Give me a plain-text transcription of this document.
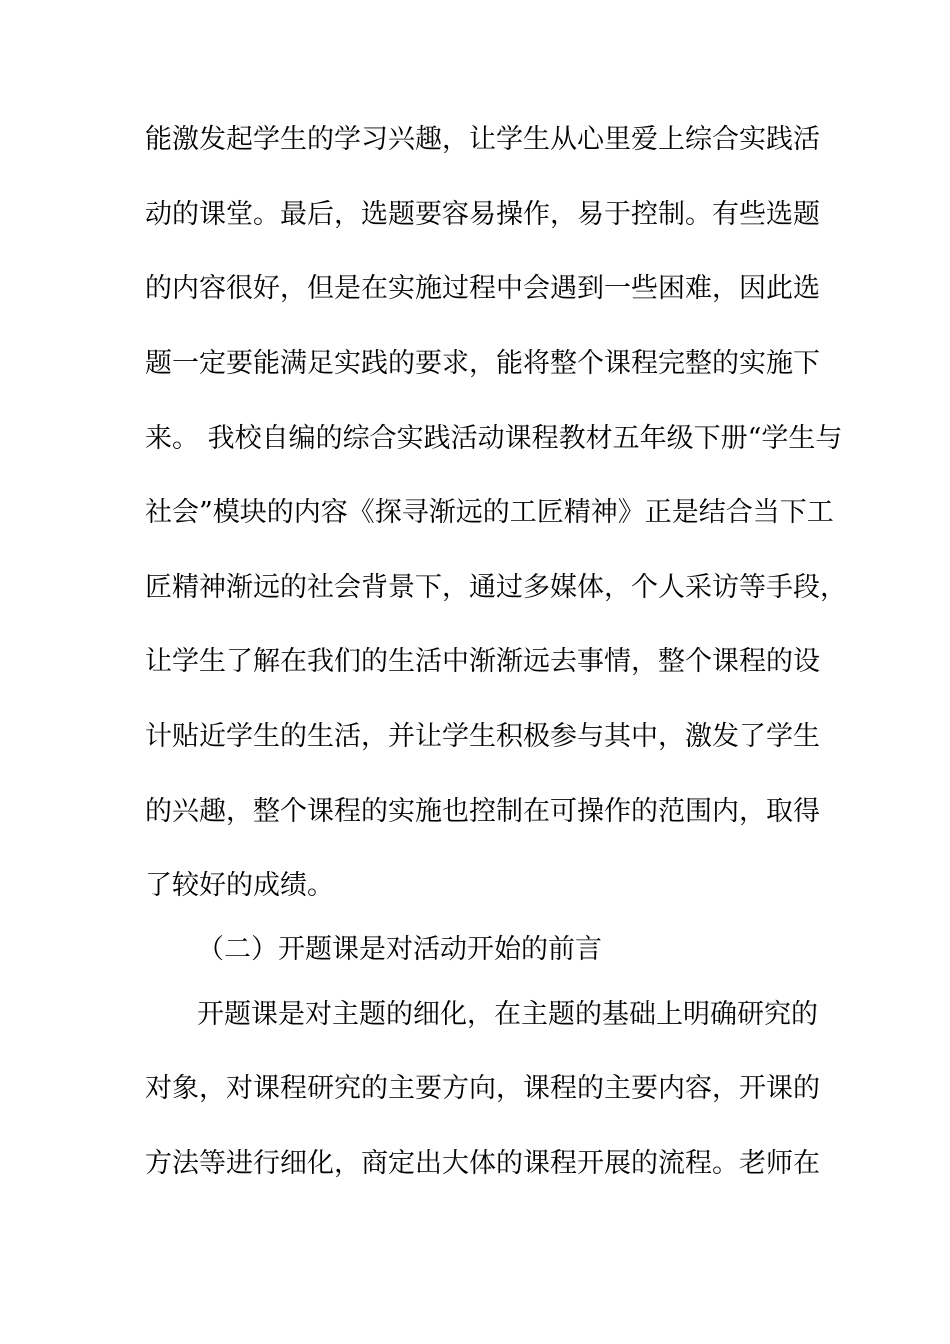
能激发起学生的学习兴趣，让学生从心里爱上综合实践活
动的课堂。最后，选题要容易操作，易于控制。有些选题
的内容很好，但是在实施过程中会遇到一些困难，因此选
题一定要能满足实践的要求，能将整个课程完整的实施下
来。 我校自编的综合实践活动课程教材五年级下册“学生与
社会”模块的内容《探寻渐远的工匠精神》正是结合当下工
匠精神渐远的社会背景下，通过多媒体，个人采访等手段，
让学生了解在我们的生活中渐渐远去事情，整个课程的设
计贴近学生的生活，并让学生积极参与其中，激发了学生
的兴趣，整个课程的实施也控制在可操作的范围内，取得
了较好的成绩。
（二）开题课是对活动开始的前言
开题课是对主题的细化，在主题的基础上明确研究的
对象，对课程研究的主要方向，课程的主要内容，开课的
方法等进行细化，商定出大体的课程开展的流程。老师在
